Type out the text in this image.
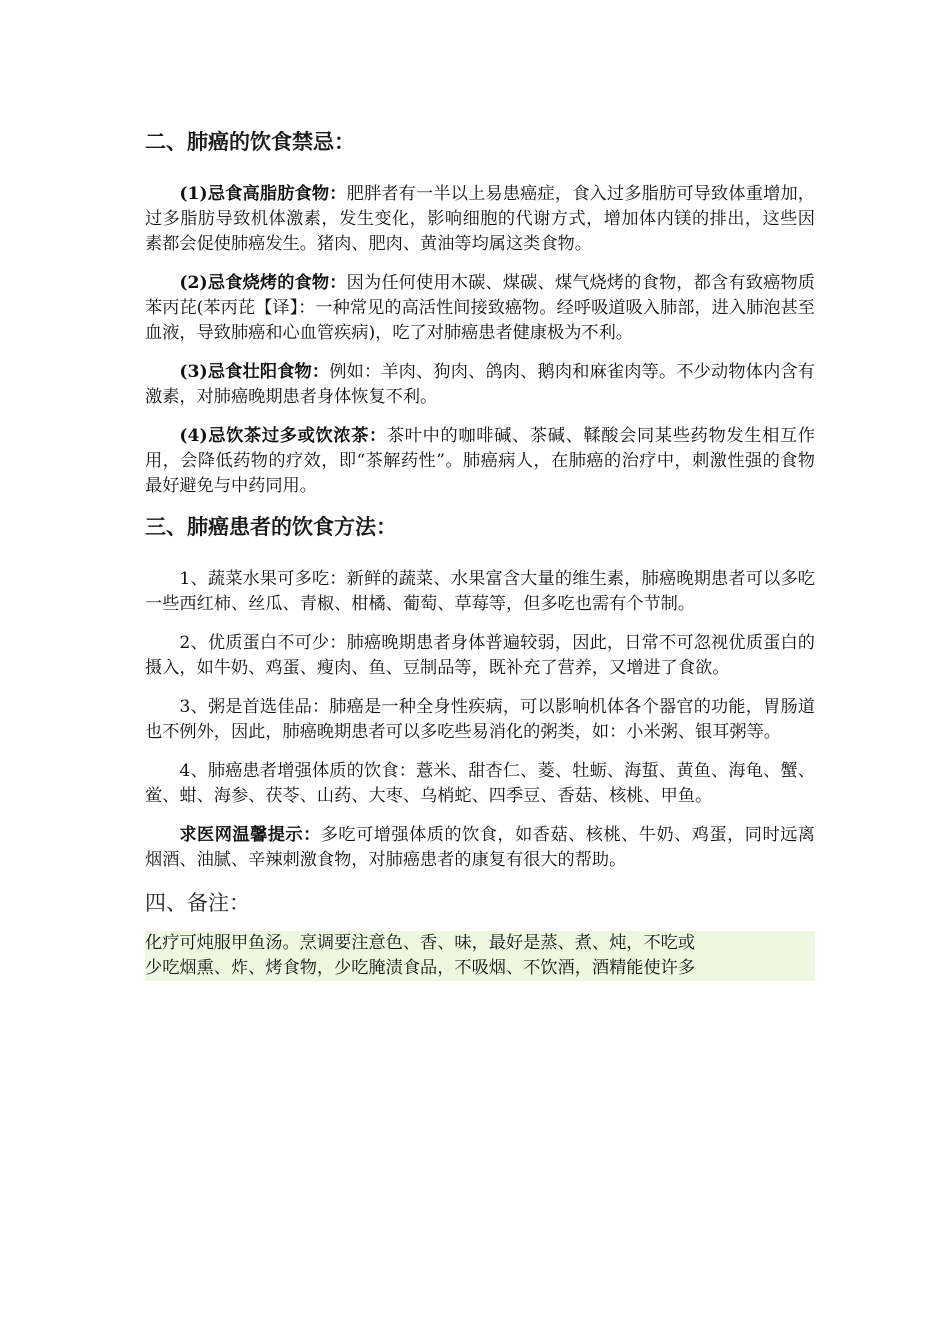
二、肺癌的饮食禁忌：

(1)忌食高脂肪食物：肥胖者有一半以上易患癌症，食入过多脂肪可导致体重增加，过多脂肪导致机体激素，发生变化，影响细胞的代谢方式，增加体内镁的排出，这些因素都会促使肺癌发生。猪肉、肥肉、黄油等均属这类食物。

(2)忌食烧烤的食物：因为任何使用木碳、煤碳、煤气烧烤的食物，都含有致癌物质苯丙芘(苯丙芘【译】：一种常见的高活性间接致癌物。经呼吸道吸入肺部，进入肺泡甚至血液，导致肺癌和心血管疾病)，吃了对肺癌患者健康极为不利。

(3)忌食壮阳食物：例如：羊肉、狗肉、鸽肉、鹅肉和麻雀肉等。不少动物体内含有激素，对肺癌晚期患者身体恢复不利。

(4)忌饮茶过多或饮浓茶：茶叶中的咖啡碱、茶碱、鞣酸会同某些药物发生相互作用，会降低药物的疗效，即“茶解药性”。肺癌病人，在肺癌的治疗中，刺激性强的食物最好避免与中药同用。

三、肺癌患者的饮食方法：

1、蔬菜水果可多吃：新鲜的蔬菜、水果富含大量的维生素，肺癌晚期患者可以多吃一些西红柿、丝瓜、青椒、柑橘、葡萄、草莓等，但多吃也需有个节制。

2、优质蛋白不可少：肺癌晚期患者身体普遍较弱，因此，日常不可忽视优质蛋白的摄入，如牛奶、鸡蛋、瘦肉、鱼、豆制品等，既补充了营养，又增进了食欲。

3、粥是首选佳品：肺癌是一种全身性疾病，可以影响机体各个器官的功能，胃肠道也不例外，因此，肺癌晚期患者可以多吃些易消化的粥类，如：小米粥、银耳粥等。

4、肺癌患者增强体质的饮食：薏米、甜杏仁、菱、牡蛎、海蜇、黄鱼、海龟、蟹、鲎、蚶、海参、茯苓、山药、大枣、乌梢蛇、四季豆、香菇、核桃、甲鱼。

求医网温馨提示：多吃可增强体质的饮食，如香菇、核桃、牛奶、鸡蛋，同时远离烟酒、油腻、辛辣刺激食物，对肺癌患者的康复有很大的帮助。

四、备注：

化疗可炖服甲鱼汤。烹调要注意色、香、味，最好是蒸、煮、炖，不吃或
少吃烟熏、炸、烤食物，少吃腌渍食品，不吸烟、不饮酒，酒精能使许多
